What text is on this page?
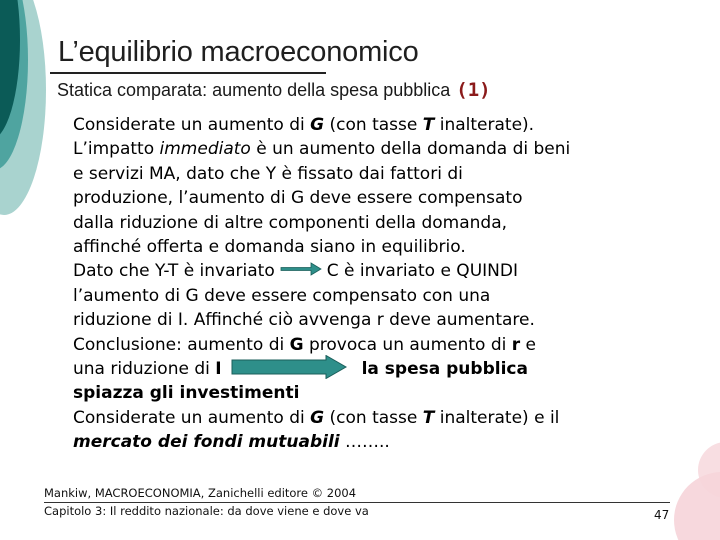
L’equilibrio macroeconomico
Statica comparata: aumento della spesa pubblica (1)
Considerate un aumento di G (con tasse T inalterate).
L’impatto immediato è un aumento della domanda di beni
e servizi MA, dato che Y è fissato dai fattori di
produzione, l’aumento di G deve essere compensato
dalla riduzione di altre componenti della domanda,
affinché offerta e domanda siano in equilibrio.
Dato che Y-T è invariato	C è invariato e QUINDI
l’aumento di G deve essere compensato con una
riduzione di I. Affinché ciò avvenga r deve aumentare.
Conclusione: aumento di G provoca un aumento di r e
una riduzione di I	la spesa pubblica
spiazza gli investimenti
Considerate un aumento di G (con tasse T inalterate) e il
mercato dei fondi mutuabili ……..
Mankiw, MACROECONOMIA, Zanichelli editore © 2004
Capitolo 3: Il reddito nazionale: da dove viene e dove va	47
